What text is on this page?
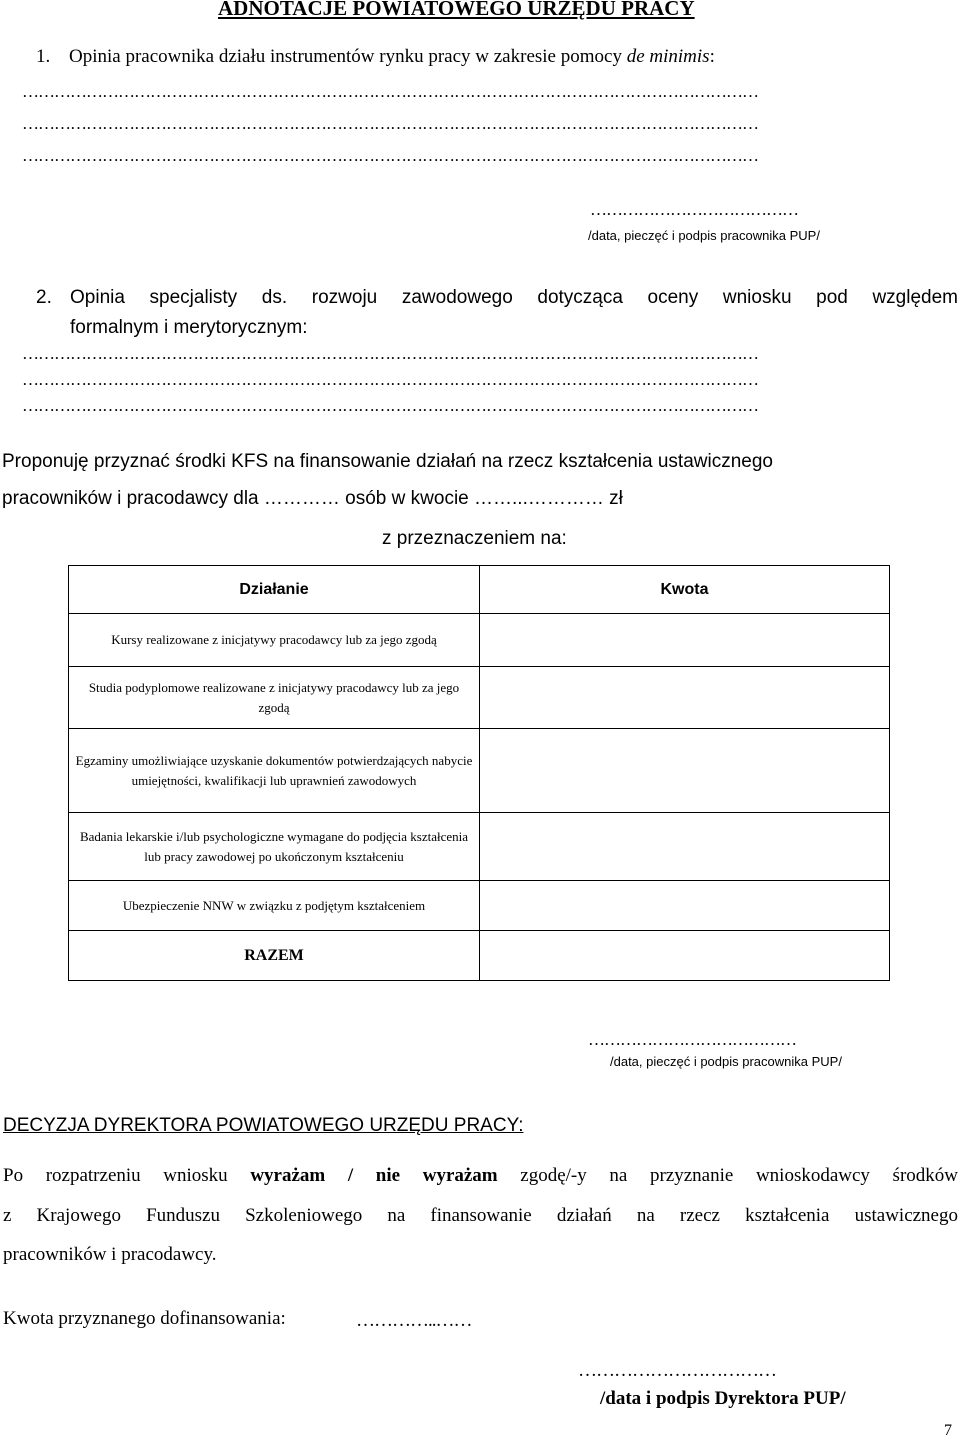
ADNOTACJE POWIATOWEGO URZĘDU PRACY
1. Opinia pracownika działu instrumentów rynku pracy w zakresie pomocy de minimis:
…………………………………………………………………………………………………………………………
…………………………………………………………………………………………………………………………
…………………………………………………………………………………………………………………………
…………………………………
/data, pieczęć i podpis pracownika PUP/
2. Opinia specjalisty ds. rozwoju zawodowego dotycząca oceny wniosku pod względem
formalnym i merytorycznym:
…………………………………………………………………………………………………………………………
…………………………………………………………………………………………………………………………
…………………………………………………………………………………………………………………………
Proponuję przyznać środki KFS na finansowanie działań na rzecz kształcenia ustawicznego
pracowników i pracodawcy dla ………… osób w kwocie ……...………… zł
z przeznaczeniem na:
Działanie	Kwota
Kursy realizowane z inicjatywy pracodawcy lub za jego zgodą	
Studia podyplomowe realizowane z inicjatywy pracodawcy lub za jego zgodą	
Egzaminy umożliwiające uzyskanie dokumentów potwierdzających nabycie umiejętności, kwalifikacji lub uprawnień zawodowych	
Badania lekarskie i/lub psychologiczne wymagane do podjęcia kształcenia lub pracy zawodowej po ukończonym kształceniu	
Ubezpieczenie NNW w związku z podjętym kształceniem	
RAZEM	
…………………………………
/data, pieczęć i podpis pracownika PUP/
DECYZJA DYREKTORA POWIATOWEGO URZĘDU PRACY:
Po rozpatrzeniu wniosku wyrażam / nie wyrażam zgodę/-y na przyznanie wnioskodawcy środków
z Krajowego Funduszu Szkoleniowego na finansowanie działań na rzecz kształcenia ustawicznego
pracowników i pracodawcy.
Kwota przyznanego dofinansowania:	…………..……
……………………………
/data i podpis Dyrektora PUP/
7
